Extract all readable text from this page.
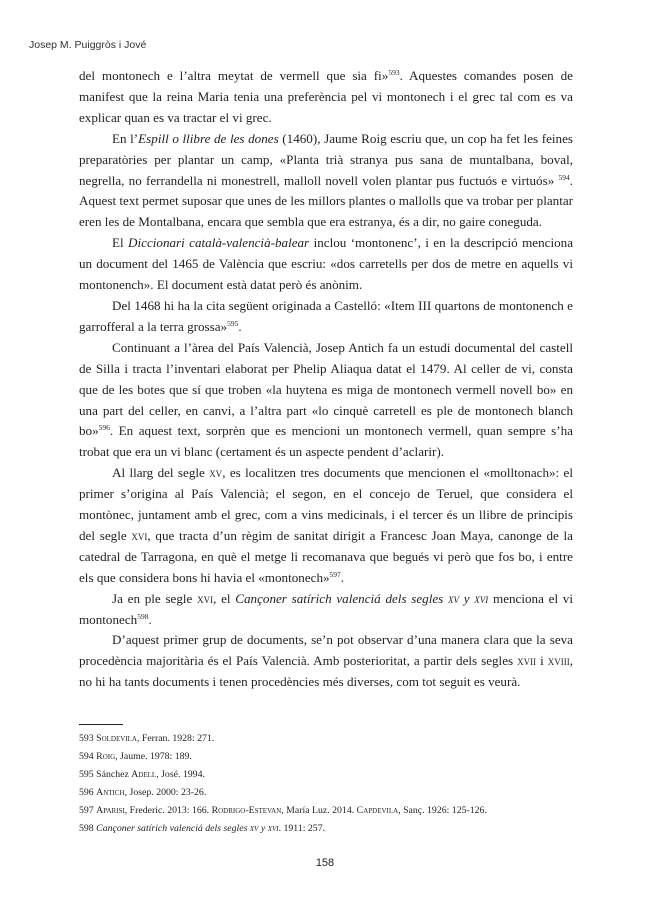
Josep M. Puiggròs i Jové

del montonech e l’altra meytat de vermell que sia fi»$^{593}$. Aquestes comandes posen de manifest que la reina Maria tenia una preferència pel vi montonech i el grec tal com es va explicar quan es va tractar el vi grec.

En l’Espill o llibre de les dones (1460), Jaume Roig escriu que, un cop ha fet les feines preparatòries per plantar un camp, «Planta trià stranya pus sana de muntalbana, boval, negrella, no ferrandella ni monestrell, malloll novell volen plantar pus fuctuós e virtuós» $^{594}$. Aquest text permet suposar que unes de les millors plantes o mallolls que va trobar per plantar eren les de Montalbana, encara que sembla que era estranya, és a dir, no gaire coneguda.

El Diccionari català-valencià-balear inclou ‘montonenc’, i en la descripció menciona un document del 1465 de València que escriu: «dos carretells per dos de metre en aquells vi montonench». El document està datat però és anònim.

Del 1468 hi ha la cita següent originada a Castelló: «Item III quartons de montonench e garrofferal a la terra grossa»$^{595}$.

Continuant a l’àrea del País Valencià, Josep Antich fa un estudi documental del castell de Silla i tracta l’inventari elaborat per Phelip Aliaqua datat el 1479. Al celler de vi, consta que de les botes que sí que troben «la huytena es miga de montonech vermell novell bo» en una part del celler, en canvi, a l’altra part «lo cinquè carretell es ple de montonech blanch bo»$^{596}$. En aquest text, sorprèn que es mencioni un montonech vermell, quan sempre s’ha trobat que era un vi blanc (certament és un aspecte pendent d’aclarir).

Al llarg del segle xv, es localitzen tres documents que mencionen el «molltonach»: el primer s’origina al País Valencià; el segon, en el concejo de Teruel, que considera el montònec, juntament amb el grec, com a vins medicinals, i el tercer és un llibre de principis del segle xvi, que tracta d’un règim de sanitat dirigit a Francesc Joan Maya, canonge de la catedral de Tarragona, en què el metge li recomanava que begués vi però que fos bo, i entre els que considera bons hi havia el «montonech»$^{597}$.

Ja en ple segle xvi, el Cançoner satírich valenciá dels segles xv y xvi menciona el vi montonech$^{598}$.

D’aquest primer grup de documents, se’n pot observar d’una manera clara que la seva procedència majoritària és el País Valencià. Amb posterioritat, a partir dels segles xvii i xviii, no hi ha tants documents i tenen procedències més diverses, com tot seguit es veurà.

593 Soldevila, Ferran. 1928: 271.
594 Roig, Jaume. 1978: 189.
595 Sánchez Adell, José. 1994.
596 Antich, Josep. 2000: 23-26.
597 Aparisi, Frederic. 2013: 166. Rodrigo-Estevan, María Luz. 2014. Capdevila, Sanç. 1926: 125-126.
598 Cançoner satírich valenciá dels segles xv y xvi. 1911: 257.
158
